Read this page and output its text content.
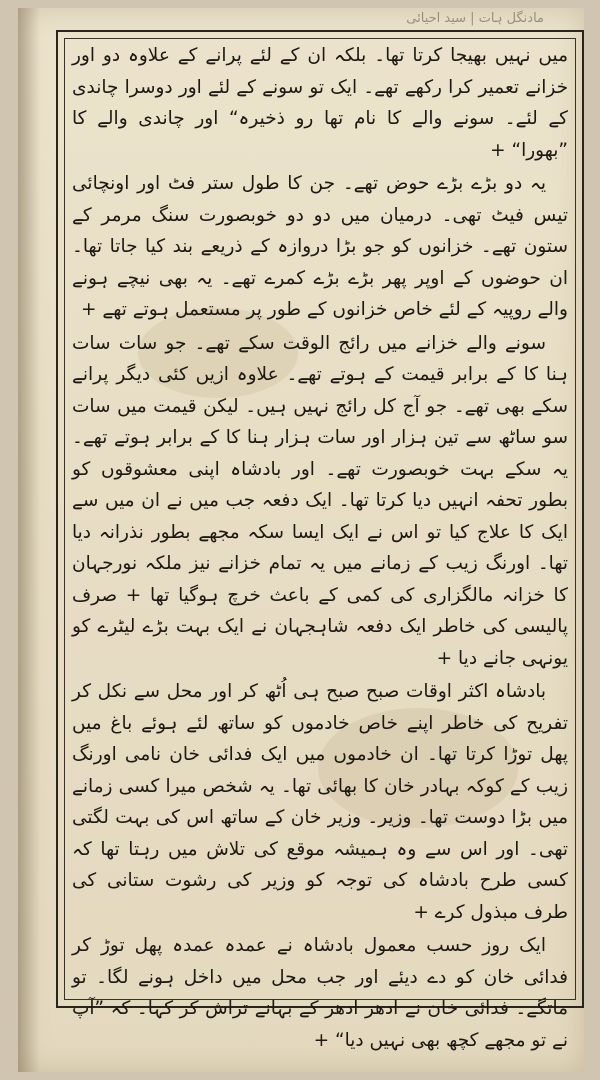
مادنگل ‌‌ہات | سید احیائی

میں نہیں بھیجا کرتا تھا۔ بلکہ ان کے لئے پرانے کے علاوہ دو اور خزانے تعمیر کرا رکھے تھے۔ ایک تو سونے کے لئے اور دوسرا چاندی کے لئے۔ سونے والے کا نام تھا رو ذخیرہ“ اور چاندی والے کا ”بھورا“ +

یہ دو بڑے بڑے حوض تھے۔ جن کا طول ستر فٹ اور اونچائی تیس فیٹ تھی۔ درمیان میں دو دو خوبصورت سنگ مرمر کے ستون تھے۔ خزانوں کو جو بڑا دروازہ کے ذریعے بند کیا جاتا تھا۔ ان حوضوں کے اوپر پھر بڑے بڑے کمرے تھے۔ یہ بھی نیچے ہونے والے روپیہ کے لئے خاص خزانوں کے طور پر مستعمل ہوتے تھے +

سونے والے خزانے میں رائج الوقت سکے تھے۔ جو سات سات ہنا کا کے برابر قیمت کے ہوتے تھے۔ علاوہ ازیں کئی دیگر پرانے سکے بھی تھے۔ جو آج کل رائج نہیں ہیں۔ لیکن قیمت میں سات سو ساٹھ سے تین ہزار اور سات ہزار ہنا کا کے برابر ہوتے تھے۔ یہ سکے بہت خوبصورت تھے۔ اور بادشاہ اپنی معشوقوں کو بطور تحفہ انہیں دیا کرتا تھا۔ ایک دفعہ جب میں نے ان میں سے ایک کا علاج کیا تو اس نے ایک ایسا سکہ مجھے بطور نذرانہ دیا تھا۔ اورنگ زیب کے زمانے میں یہ تمام خزانے نیز ملکہ نورجہان کا خزانہ مالگزاری کی کمی کے باعث خرچ ہوگیا تھا + صرف پالیسی کی خاطر ایک دفعہ شاہجہان نے ایک بہت بڑے لیٹرے کو یونہی جانے دیا +

بادشاہ اکثر اوقات صبح صبح ہی اُٹھ کر اور محل سے نکل کر تفریح کی خاطر اپنے خاص خادموں کو ساتھ لئے ہوئے باغ میں پھل توڑا کرتا تھا۔ ان خادموں میں ایک فدائی خان نامی اورنگ زیب کے کوکہ بہادر خان کا بھائی تھا۔ یہ شخص میرا کسی زمانے میں بڑا دوست تھا۔ وزیر۔ وزیر خان کے ساتھ اس کی بہت لگتی تھی۔ اور اس سے وہ ہمیشہ موقع کی تلاش میں رہتا تھا کہ کسی طرح بادشاہ کی توجہ کو وزیر کی رشوت ستانی کی طرف مبذول کرے +

ایک روز حسب معمول بادشاہ نے عمدہ عمدہ پھل توڑ کر فدائی خان کو دے دیئے اور جب محل میں داخل ہونے لگا۔ تو ماتگے۔ فدائی خان نے ادھر ادھر کے بہانے تراش کر کہا۔ کہ ”آپ نے تو مجھے کچھ بھی نہیں دیا“ +
